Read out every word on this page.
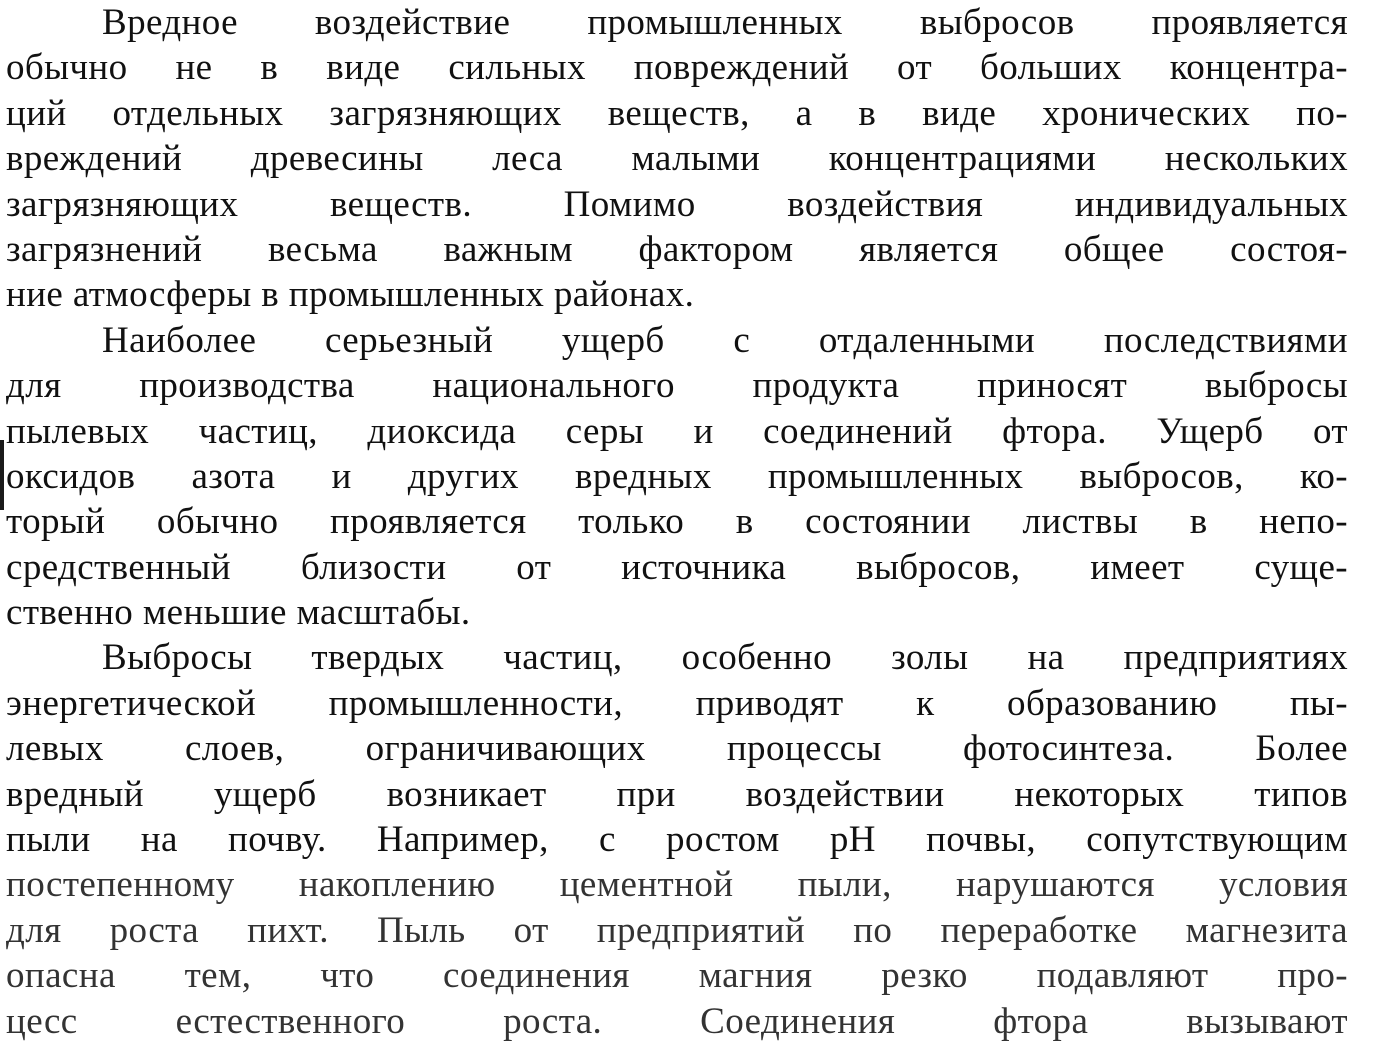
Вредное воздействие промышленных выбросов проявляется
обычно не в виде сильных повреждений от больших концентра-
ций отдельных загрязняющих веществ, а в виде хронических по-
вреждений древесины леса малыми концентрациями нескольких
загрязняющих веществ. Помимо воздействия индивидуальных
загрязнений весьма важным фактором является общее состоя-
ние атмосферы в промышленных районах.
Наиболее серьезный ущерб с отдаленными последствиями
для производства национального продукта приносят выбросы
пылевых частиц, диоксида серы и соединений фтора. Ущерб от
оксидов азота и других вредных промышленных выбросов, ко-
торый обычно проявляется только в состоянии листвы в непо-
средственный близости от источника выбросов, имеет суще-
ственно меньшие масштабы.
Выбросы твердых частиц, особенно золы на предприятиях
энергетической промышленности, приводят к образованию пы-
левых слоев, ограничивающих процессы фотосинтеза. Более
вредный ущерб возникает при воздействии некоторых типов
пыли на почву. Например, с ростом рН почвы, сопутствующим
постепенному накоплению цементной пыли, нарушаются условия
для роста пихт. Пыль от предприятий по переработке магнезита
опасна тем, что соединения магния резко подавляют про-
цесс естественного роста. Соединения фтора вызывают
